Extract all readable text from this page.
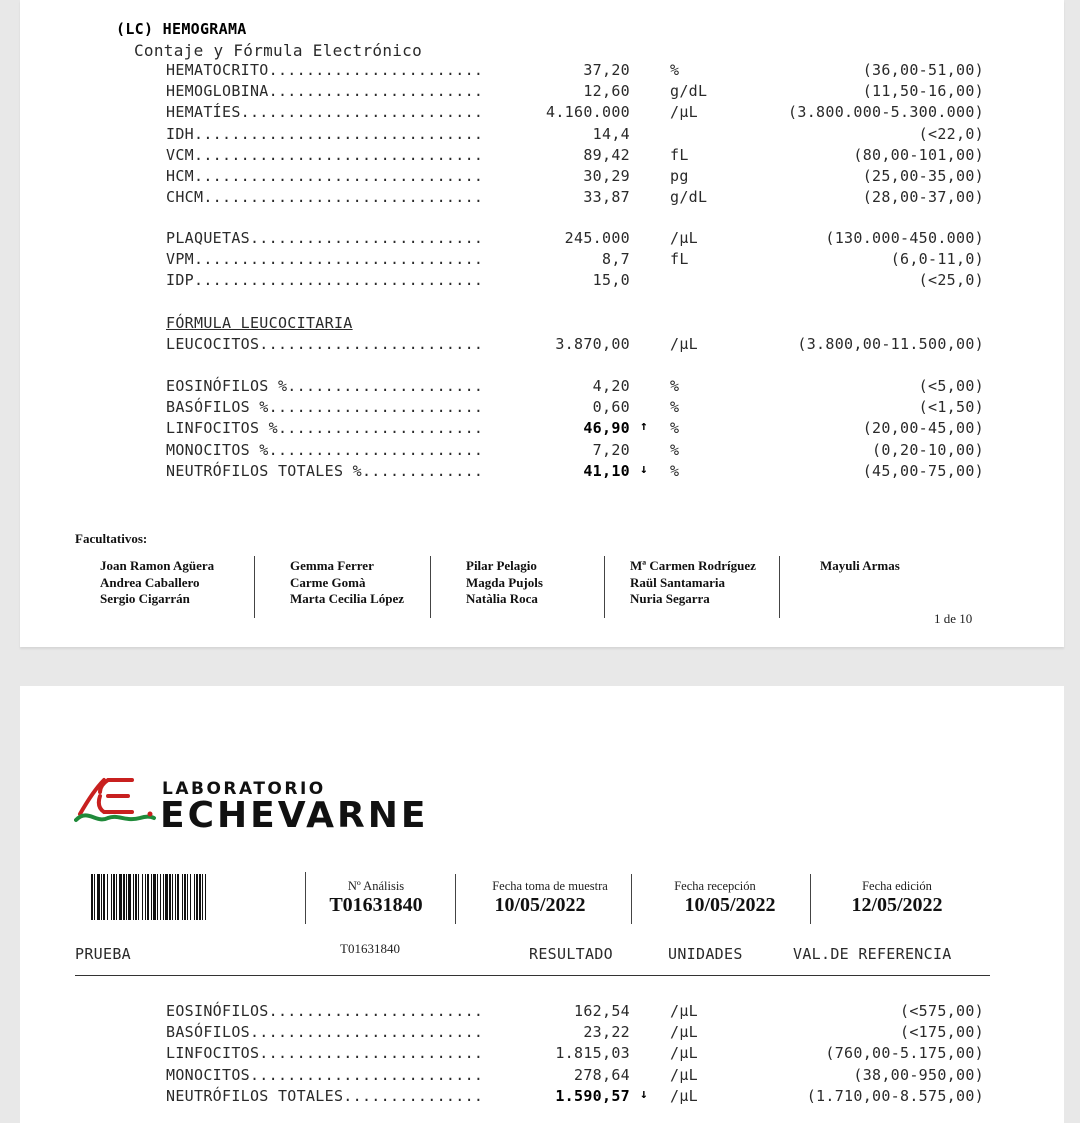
(LC) HEMOGRAMA
Contaje y Fórmula Electrónico
HEMATOCRITO.......................	37,20	%	(36,00-51,00)
HEMOGLOBINA.......................	12,60	g/dL	(11,50-16,00)
HEMATÍES..........................	4.160.000	/µL	(3.800.000-5.300.000)
IDH...............................	14,4	(<22,0)
VCM...............................	89,42	fL	(80,00-101,00)
HCM...............................	30,29	pg	(25,00-35,00)
CHCM..............................	33,87	g/dL	(28,00-37,00)
PLAQUETAS.........................	245.000	/µL	(130.000-450.000)
VPM...............................	8,7	fL	(6,0-11,0)
IDP...............................	15,0	(<25,0)
FÓRMULA LEUCOCITARIA
LEUCOCITOS........................	3.870,00	/µL	(3.800,00-11.500,00)
EOSINÓFILOS %.....................	4,20	%	(<5,00)
BASÓFILOS %.......................	0,60	%	(<1,50)
LINFOCITOS %......................	46,90 ↑ %	(20,00-45,00)
MONOCITOS %.......................	7,20	%	(0,20-10,00)
NEUTRÓFILOS TOTALES %.............	41,10 ↓ %	(45,00-75,00)
Facultativos:
Joan Ramon Agüera
Andrea Caballero
Sergio Cigarrán
Gemma Ferrer
Carme Gomà
Marta Cecilia López
Pilar Pelagio
Magda Pujols
Natàlia Roca
Mª Carmen Rodríguez
Raül Santamaria
Nuria Segarra
Mayuli Armas
1 de 10
LABORATORIO
ECHEVARNE
Nº Análisis
T01631840
Fecha toma de muestra
10/05/2022
Fecha recepción
10/05/2022
Fecha edición
12/05/2022
T01631840
PRUEBA	RESULTADO	UNIDADES	VAL.DE REFERENCIA
EOSINÓFILOS.......................	162,54	/µL	(<575,00)
BASÓFILOS.........................	23,22	/µL	(<175,00)
LINFOCITOS........................	1.815,03	/µL	(760,00-5.175,00)
MONOCITOS.........................	278,64	/µL	(38,00-950,00)
NEUTRÓFILOS TOTALES...............	1.590,57 ↓ /µL	(1.710,00-8.575,00)
